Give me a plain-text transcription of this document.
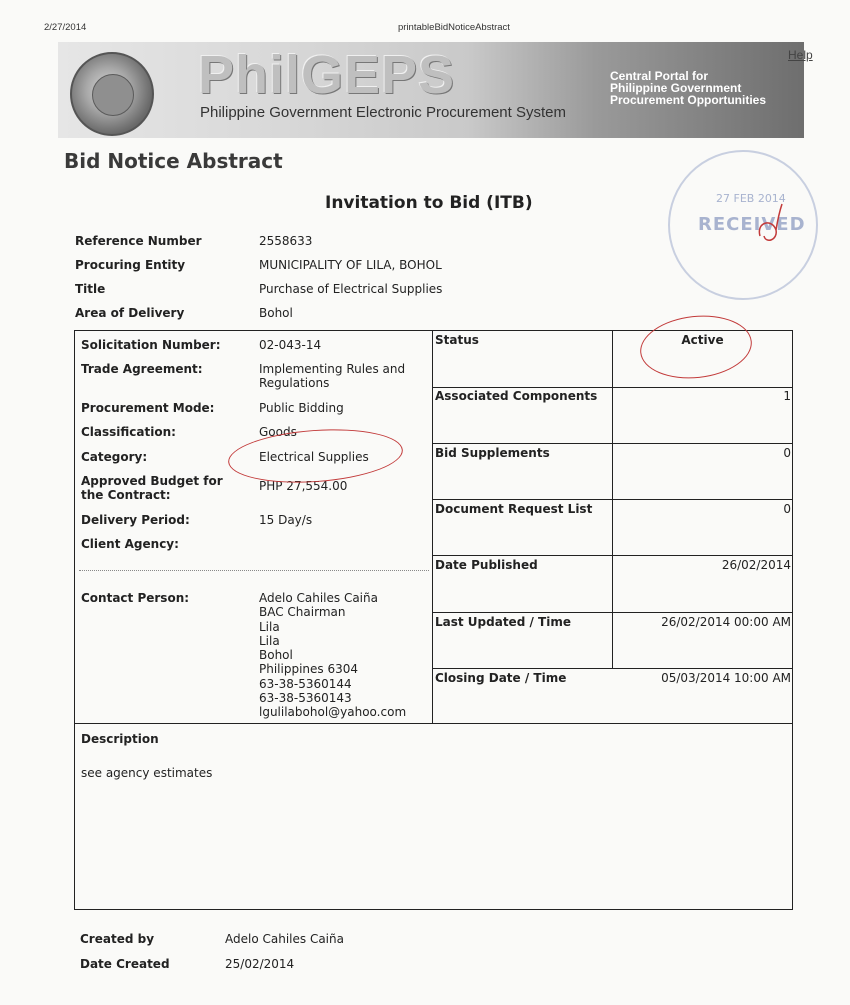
2/27/2014	printableBidNoticeAbstract
PhilGEPS
Philippine Government Electronic Procurement System
Central Portal for
Philippine Government
Procurement Opportunities
Help
Bid Notice Abstract
Invitation to Bid (ITB)	27 FEB 2014
RECEIVED
Reference Number	2558633
Procuring Entity	MUNICIPALITY OF LILA, BOHOL
Title	Purchase of Electrical Supplies
Area of Delivery	Bohol
Solicitation Number:	02-043-14
Trade Agreement:	Implementing Rules and Regulations
Procurement Mode:	Public Bidding
Classification:	Goods
Category:	Electrical Supplies
Approved Budget for the Contract:
PHP 27,554.00
Delivery Period:	15 Day/s
Client Agency:
Contact Person:	Adelo Cahiles Caiña
BAC Chairman
Lila
Lila
Bohol
Philippines 6304
63-38-5360144
63-38-5360143
lgulilabohol@yahoo.com
Status	Active
Associated Components	1
Bid Supplements	0
Document Request List	0
Date Published	26/02/2014
Last Updated / Time	26/02/2014 00:00 AM
Closing Date / Time	05/03/2014 10:00 AM
Description
see agency estimates
Created by	Adelo Cahiles Caiña
Date Created	25/02/2014
